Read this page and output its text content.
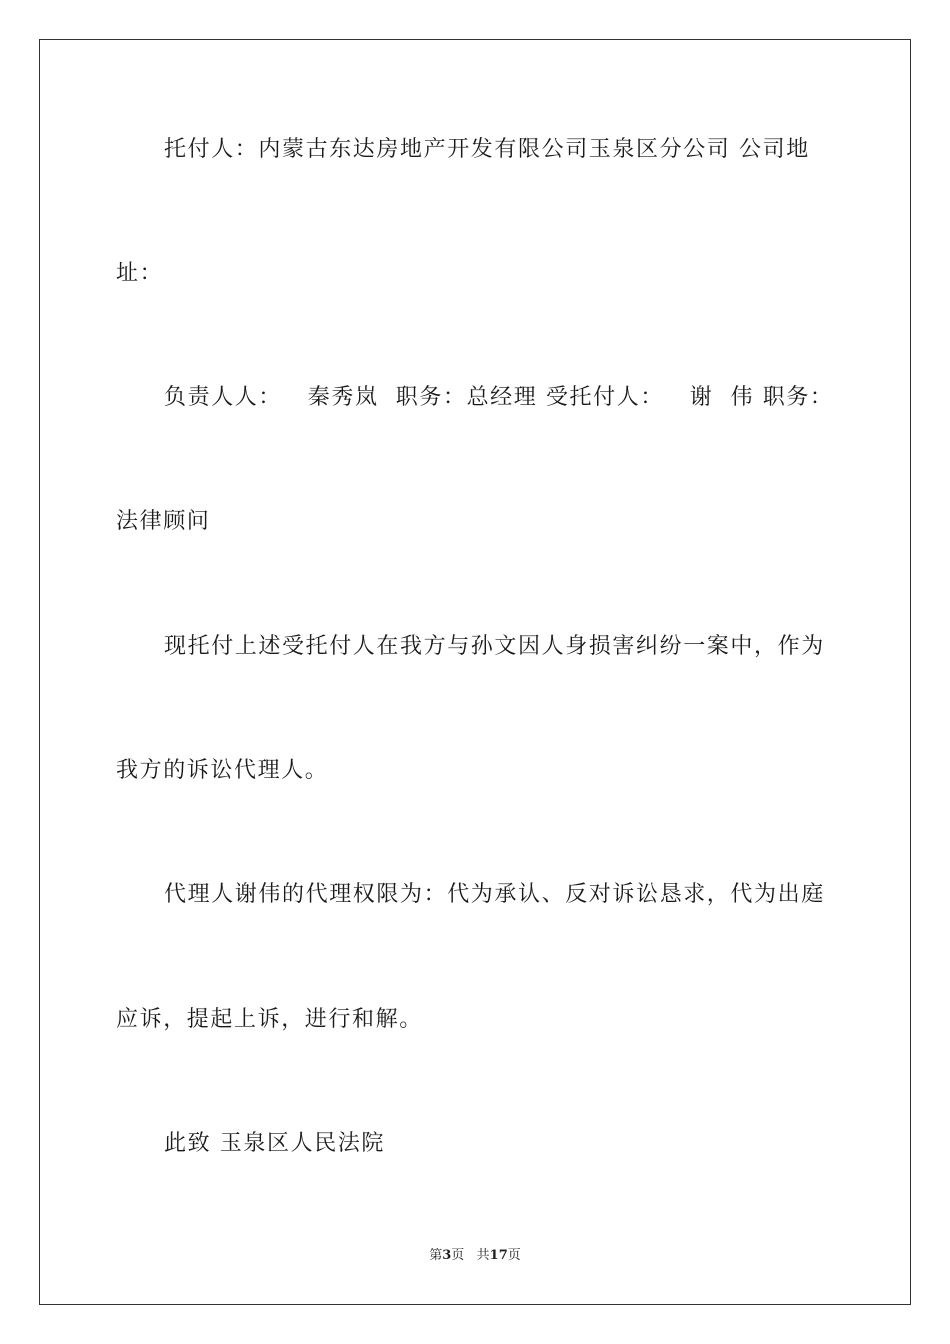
托付人：内蒙古东达房地产开发有限公司玉泉区分公司 公司地

址：

负责人人：   秦秀岚  职务：总经理 受托付人：   谢  伟 职务：

法律顾问

现托付上述受托付人在我方与孙文因人身损害纠纷一案中，作为

我方的诉讼代理人。

代理人谢伟的代理权限为：代为承认、反对诉讼恳求，代为出庭

应诉，提起上诉，进行和解。

此致 玉泉区人民法院

第3页   共17页
